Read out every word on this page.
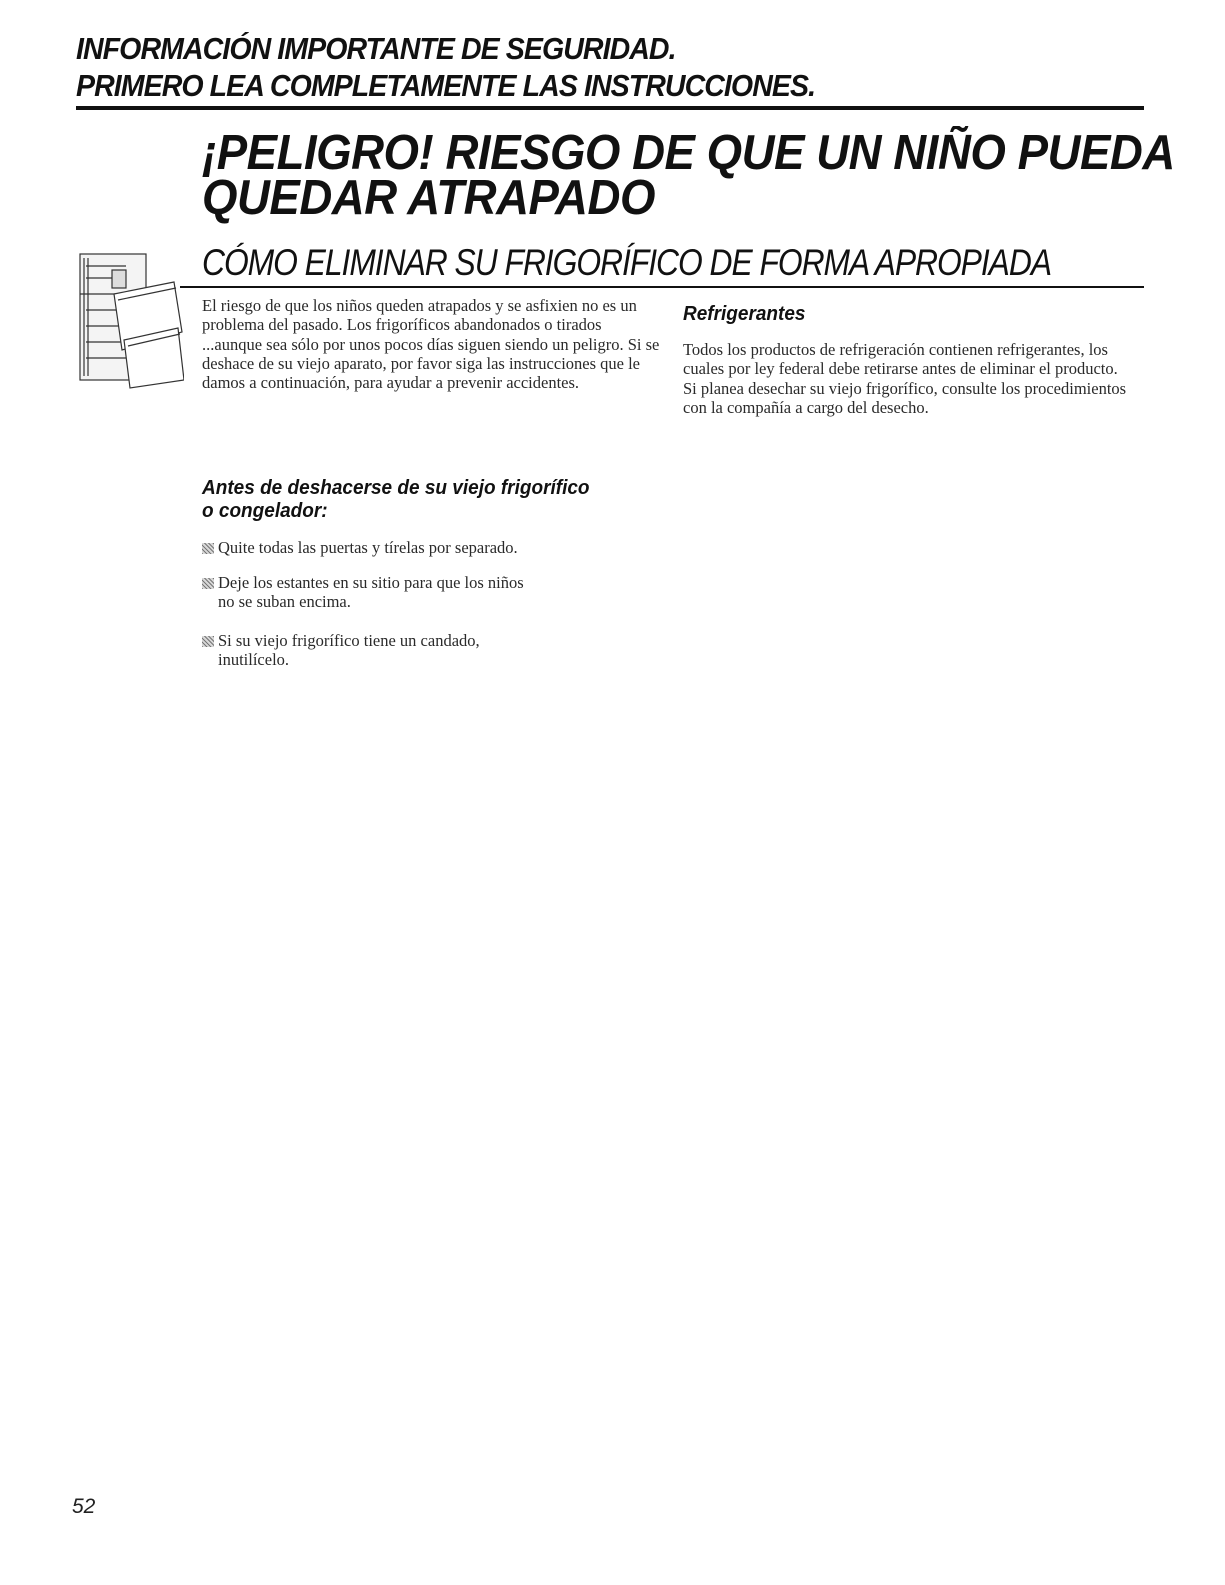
INFORMACIÓN IMPORTANTE DE SEGURIDAD.
PRIMERO LEA COMPLETAMENTE LAS INSTRUCCIONES.
¡PELIGRO! RIESGO DE QUE UN NIÑO PUEDA
QUEDAR ATRAPADO
CÓMO ELIMINAR SU FRIGORÍFICO DE FORMA APROPIADA

El riesgo de que los niños queden atrapados y se asfixien no es un problema del pasado. Los frigoríficos abandonados o tirados ...aunque sea sólo por unos pocos días siguen siendo un peligro. Si se deshace de su viejo aparato, por favor siga las instrucciones que le damos a continuación, para ayudar a prevenir accidentes.

Antes de deshacerse de su viejo frigorífico
o congelador:
Quite todas las puertas y tírelas por separado.
Deje los estantes en su sitio para que los niños
no se suban encima.
Si su viejo frigorífico tiene un candado,
inutilícelo.
Refrigerantes

Todos los productos de refrigeración contienen refrigerantes, los cuales por ley federal debe retirarse antes de eliminar el producto. Si planea desechar su viejo frigorífico, consulte los procedimientos con la compañía a cargo del desecho.

52
